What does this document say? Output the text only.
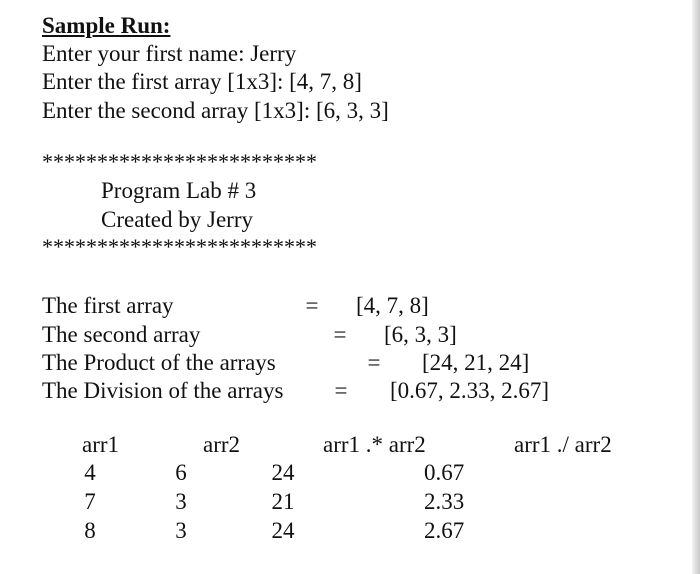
Sample Run:
Enter your first name: Jerry
Enter the first array [1x3]: [4, 7, 8]
Enter the second array [1x3]: [6, 3, 3]
*************************
Program Lab # 3
Created by Jerry
*************************
The first array	= [4, 7, 8]
The second array	= [6, 3, 3]
The Product of the arrays	= [24, 21, 24]
The Division of the arrays = [0.67, 2.33, 2.67]
arr1	arr2	arr1 .* arr2	arr1 ./ arr2
4	6	24	0.67
7	3	21	2.33
8	3	24	2.67
